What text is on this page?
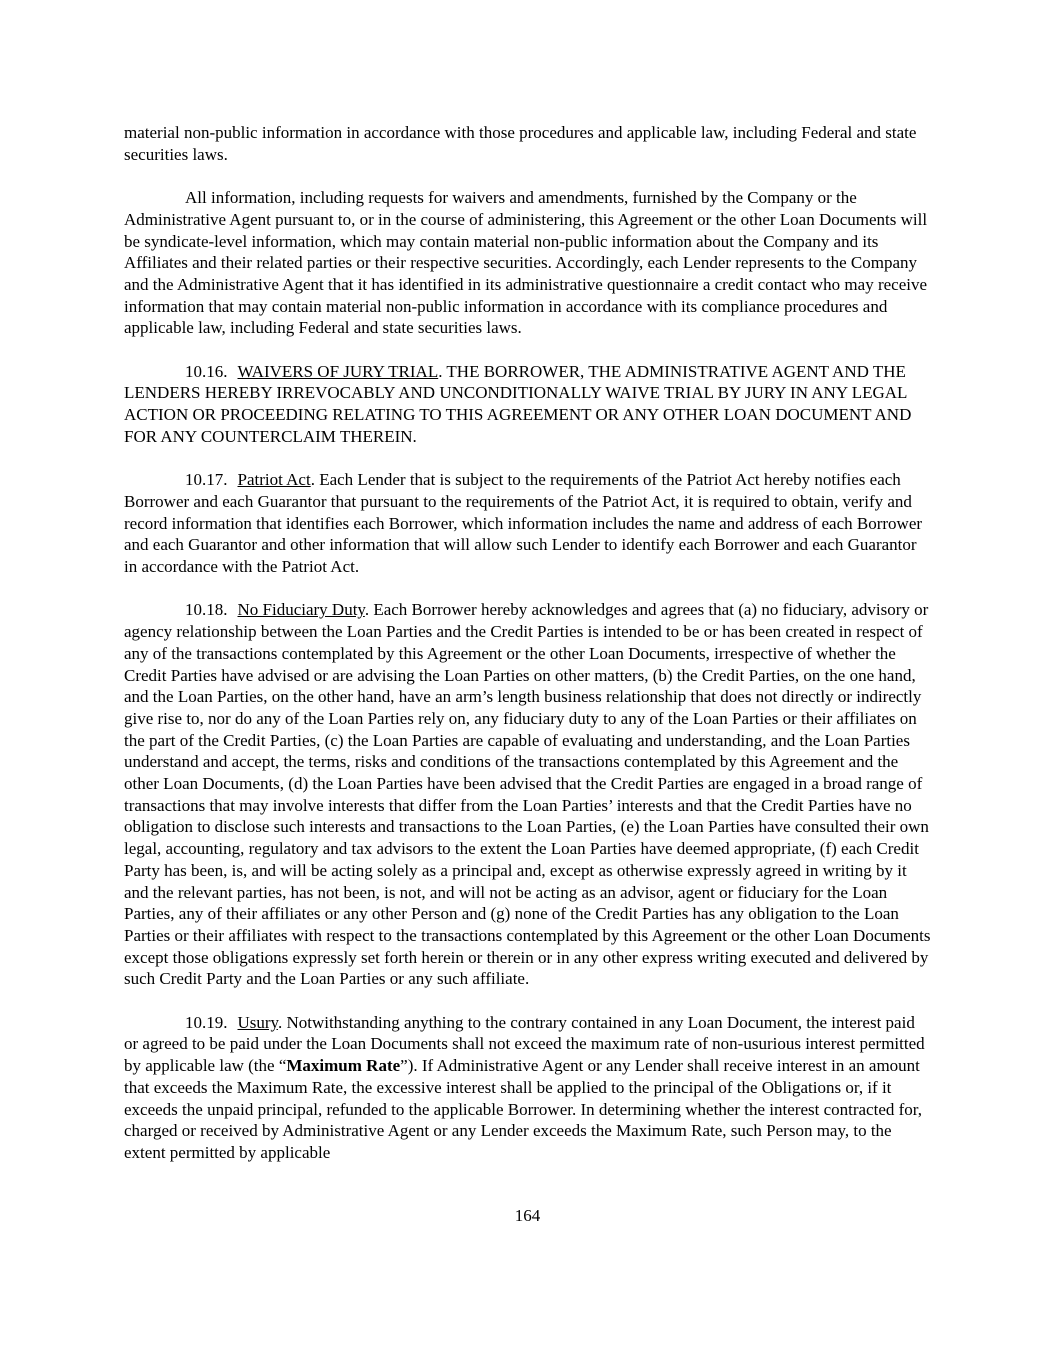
material non-public information in accordance with those procedures and applicable law, including Federal and state securities laws.

All information, including requests for waivers and amendments, furnished by the Company or the Administrative Agent pursuant to, or in the course of administering, this Agreement or the other Loan Documents will be syndicate-level information, which may contain material non-public information about the Company and its Affiliates and their related parties or their respective securities. Accordingly, each Lender represents to the Company and the Administrative Agent that it has identified in its administrative questionnaire a credit contact who may receive information that may contain material non-public information in accordance with its compliance procedures and applicable law, including Federal and state securities laws.

10.16. WAIVERS OF JURY TRIAL. THE BORROWER, THE ADMINISTRATIVE AGENT AND THE LENDERS HEREBY IRREVOCABLY AND UNCONDITIONALLY WAIVE TRIAL BY JURY IN ANY LEGAL ACTION OR PROCEEDING RELATING TO THIS AGREEMENT OR ANY OTHER LOAN DOCUMENT AND FOR ANY COUNTERCLAIM THEREIN.

10.17. Patriot Act. Each Lender that is subject to the requirements of the Patriot Act hereby notifies each Borrower and each Guarantor that pursuant to the requirements of the Patriot Act, it is required to obtain, verify and record information that identifies each Borrower, which information includes the name and address of each Borrower and each Guarantor and other information that will allow such Lender to identify each Borrower and each Guarantor in accordance with the Patriot Act.

10.18. No Fiduciary Duty. Each Borrower hereby acknowledges and agrees that (a) no fiduciary, advisory or agency relationship between the Loan Parties and the Credit Parties is intended to be or has been created in respect of any of the transactions contemplated by this Agreement or the other Loan Documents, irrespective of whether the Credit Parties have advised or are advising the Loan Parties on other matters, (b) the Credit Parties, on the one hand, and the Loan Parties, on the other hand, have an arm’s length business relationship that does not directly or indirectly give rise to, nor do any of the Loan Parties rely on, any fiduciary duty to any of the Loan Parties or their affiliates on the part of the Credit Parties, (c) the Loan Parties are capable of evaluating and understanding, and the Loan Parties understand and accept, the terms, risks and conditions of the transactions contemplated by this Agreement and the other Loan Documents, (d) the Loan Parties have been advised that the Credit Parties are engaged in a broad range of transactions that may involve interests that differ from the Loan Parties’ interests and that the Credit Parties have no obligation to disclose such interests and transactions to the Loan Parties, (e) the Loan Parties have consulted their own legal, accounting, regulatory and tax advisors to the extent the Loan Parties have deemed appropriate, (f) each Credit Party has been, is, and will be acting solely as a principal and, except as otherwise expressly agreed in writing by it and the relevant parties, has not been, is not, and will not be acting as an advisor, agent or fiduciary for the Loan Parties, any of their affiliates or any other Person and (g) none of the Credit Parties has any obligation to the Loan Parties or their affiliates with respect to the transactions contemplated by this Agreement or the other Loan Documents except those obligations expressly set forth herein or therein or in any other express writing executed and delivered by such Credit Party and the Loan Parties or any such affiliate.

10.19. Usury. Notwithstanding anything to the contrary contained in any Loan Document, the interest paid or agreed to be paid under the Loan Documents shall not exceed the maximum rate of non-usurious interest permitted by applicable law (the “Maximum Rate”). If Administrative Agent or any Lender shall receive interest in an amount that exceeds the Maximum Rate, the excessive interest shall be applied to the principal of the Obligations or, if it exceeds the unpaid principal, refunded to the applicable Borrower. In determining whether the interest contracted for, charged or received by Administrative Agent or any Lender exceeds the Maximum Rate, such Person may, to the extent permitted by applicable

164
